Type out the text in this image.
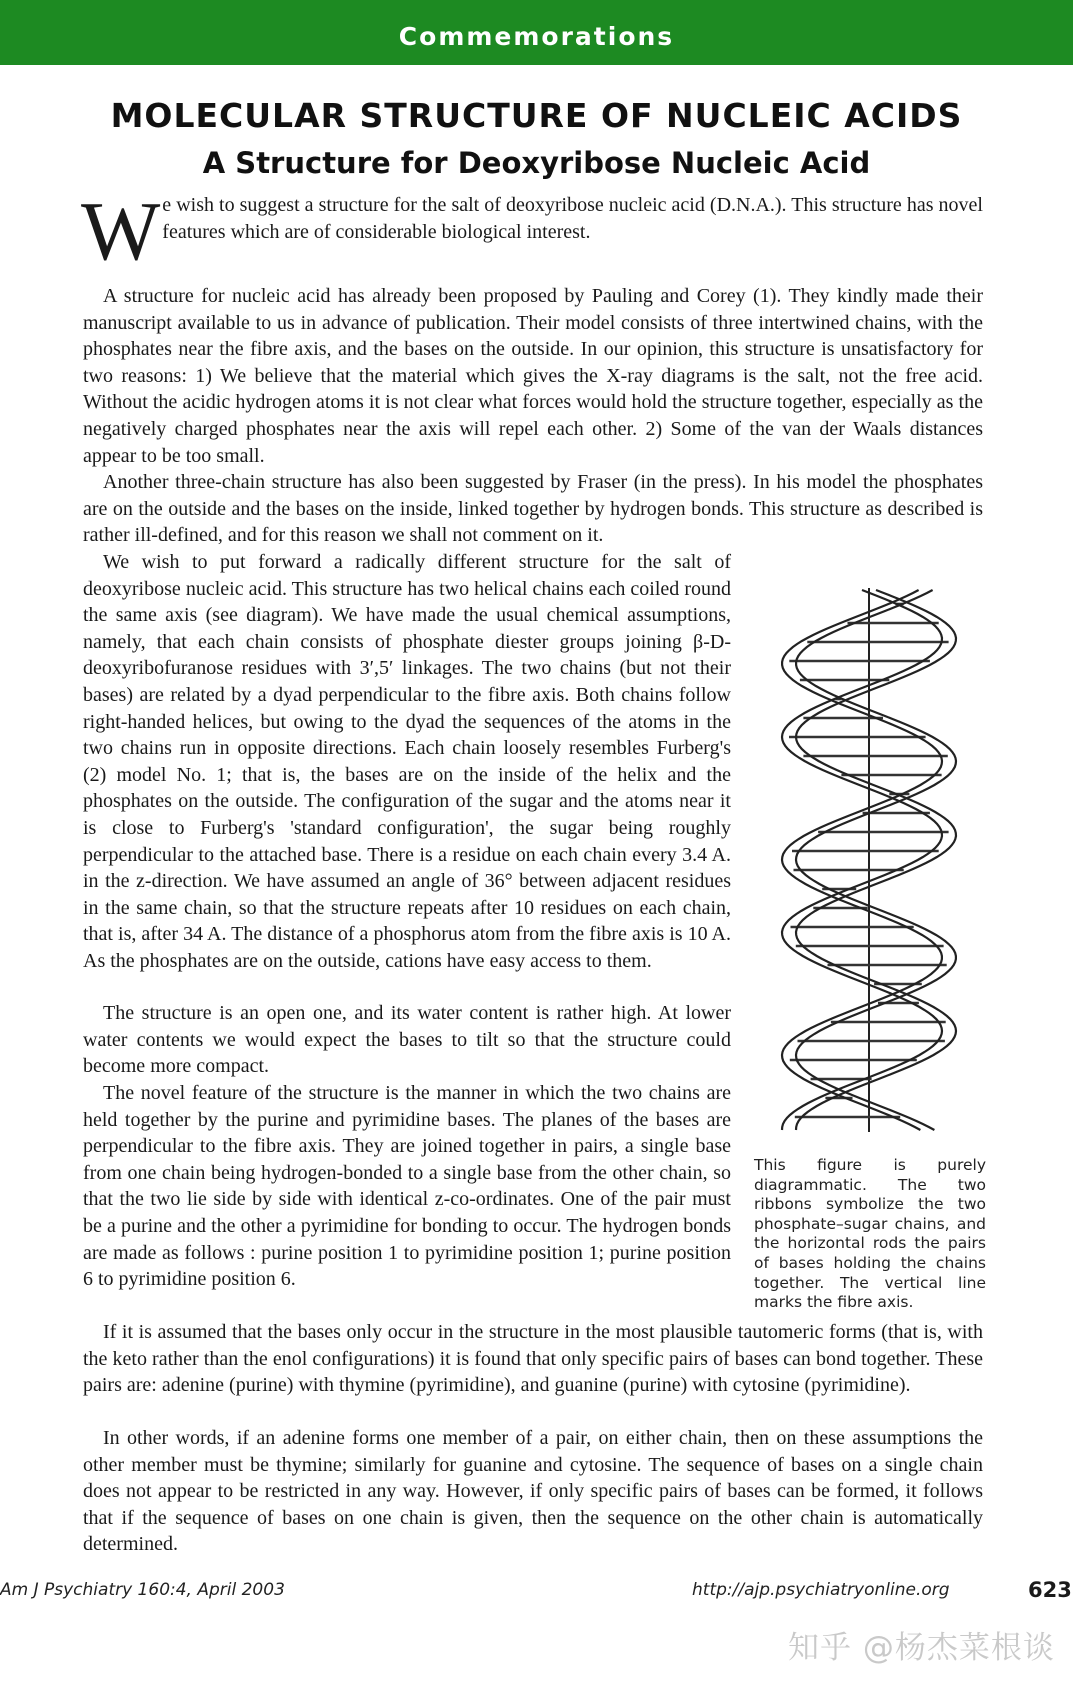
Commemorations
MOLECULAR STRUCTURE OF NUCLEIC ACIDS
A Structure for Deoxyribose Nucleic Acid

We wish to suggest a structure for the salt of deoxyribose nucleic acid (D.N.A.). This structure has novel features which are of considerable biological interest.

A structure for nucleic acid has already been proposed by Pauling and Corey (1). They kindly made their manuscript available to us in advance of publication. Their model consists of three intertwined chains, with the phosphates near the fibre axis, and the bases on the outside. In our opinion, this structure is unsatisfactory for two reasons: 1) We believe that the material which gives the X-ray diagrams is the salt, not the free acid. Without the acidic hydrogen atoms it is not clear what forces would hold the structure together, especially as the negatively charged phosphates near the axis will repel each other. 2) Some of the van der Waals distances appear to be too small.

Another three-chain structure has also been suggested by Fraser (in the press). In his model the phosphates are on the outside and the bases on the inside, linked together by hydrogen bonds. This structure as described is rather ill-defined, and for this reason we shall not comment on it.

We wish to put forward a radically different structure for the salt of deoxyribose nucleic acid. This structure has two helical chains each coiled round the same axis (see diagram). We have made the usual chemical assumptions, namely, that each chain consists of phosphate diester groups joining β-D-deoxyribofuranose residues with 3′,5′ linkages. The two chains (but not their bases) are related by a dyad perpendicular to the fibre axis. Both chains follow right-handed helices, but owing to the dyad the sequences of the atoms in the two chains run in opposite directions. Each chain loosely resembles Furberg's (2) model No. 1; that is, the bases are on the inside of the helix and the phosphates on the outside. The configuration of the sugar and the atoms near it is close to Furberg's 'standard configuration', the sugar being roughly perpendicular to the attached base. There is a residue on each chain every 3.4 A. in the z-direction. We have assumed an angle of 36° between adjacent residues in the same chain, so that the structure repeats after 10 residues on each chain, that is, after 34 A. The distance of a phosphorus atom from the fibre axis is 10 A. As the phosphates are on the outside, cations have easy access to them.

The structure is an open one, and its water content is rather high. At lower water contents we would expect the bases to tilt so that the structure could become more compact.

The novel feature of the structure is the manner in which the two chains are held together by the purine and pyrimidine bases. The planes of the bases are perpendicular to the fibre axis. They are joined together in pairs, a single base from one chain being hydrogen-bonded to a single base from the other chain, so that the two lie side by side with identical z-co-ordinates. One of the pair must be a purine and the other a pyrimidine for bonding to occur. The hydrogen bonds are made as follows : purine position 1 to pyrimidine position 1; purine position 6 to pyrimidine position 6.

If it is assumed that the bases only occur in the structure in the most plausible tautomeric forms (that is, with the keto rather than the enol configurations) it is found that only specific pairs of bases can bond together. These pairs are: adenine (purine) with thymine (pyrimidine), and guanine (purine) with cytosine (pyrimidine).

In other words, if an adenine forms one member of a pair, on either chain, then on these assumptions the other member must be thymine; similarly for guanine and cytosine. The sequence of bases on a single chain does not appear to be restricted in any way. However, if only specific pairs of bases can be formed, it follows that if the sequence of bases on one chain is given, then the sequence on the other chain is automatically determined.

This figure is purely diagrammatic. The two ribbons symbolize the two phosphate–sugar chains, and the horizontal rods the pairs of bases holding the chains together. The vertical line marks the fibre axis.
Am J Psychiatry 160:4, April 2003	http://ajp.psychiatryonline.org	623
知乎 @杨杰菜根谈
